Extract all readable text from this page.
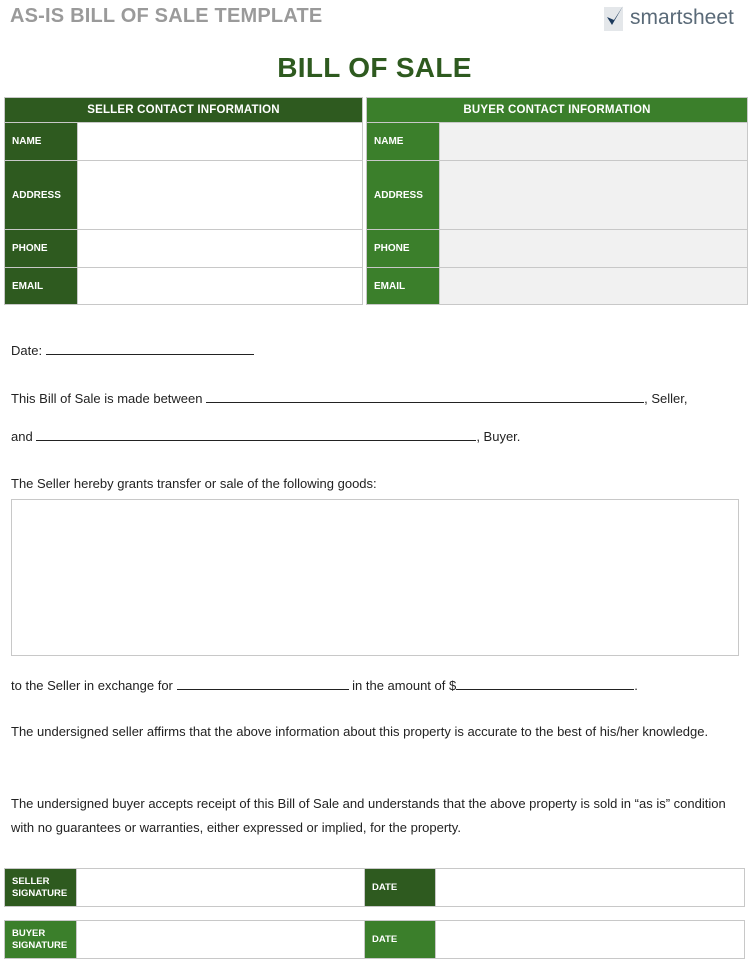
AS-IS BILL OF SALE TEMPLATE	smartsheet
BILL OF SALE
SELLER CONTACT INFORMATION
NAME
ADDRESS
PHONE
EMAIL
BUYER CONTACT INFORMATION
NAME
ADDRESS
PHONE
EMAIL
Date:
This Bill of Sale is made between	, Seller,
and	, Buyer.
The Seller hereby grants transfer or sale of the following goods:
to the Seller in exchange for	in the amount of $	.
The undersigned seller affirms that the above information about this property is accurate to the best of his/her knowledge.
The undersigned buyer accepts receipt of this Bill of Sale and understands that the above property is sold in “as is” condition with no guarantees or warranties, either expressed or implied, for the property.
SELLER
SIGNATURE	DATE
BUYER
SIGNATURE	DATE
